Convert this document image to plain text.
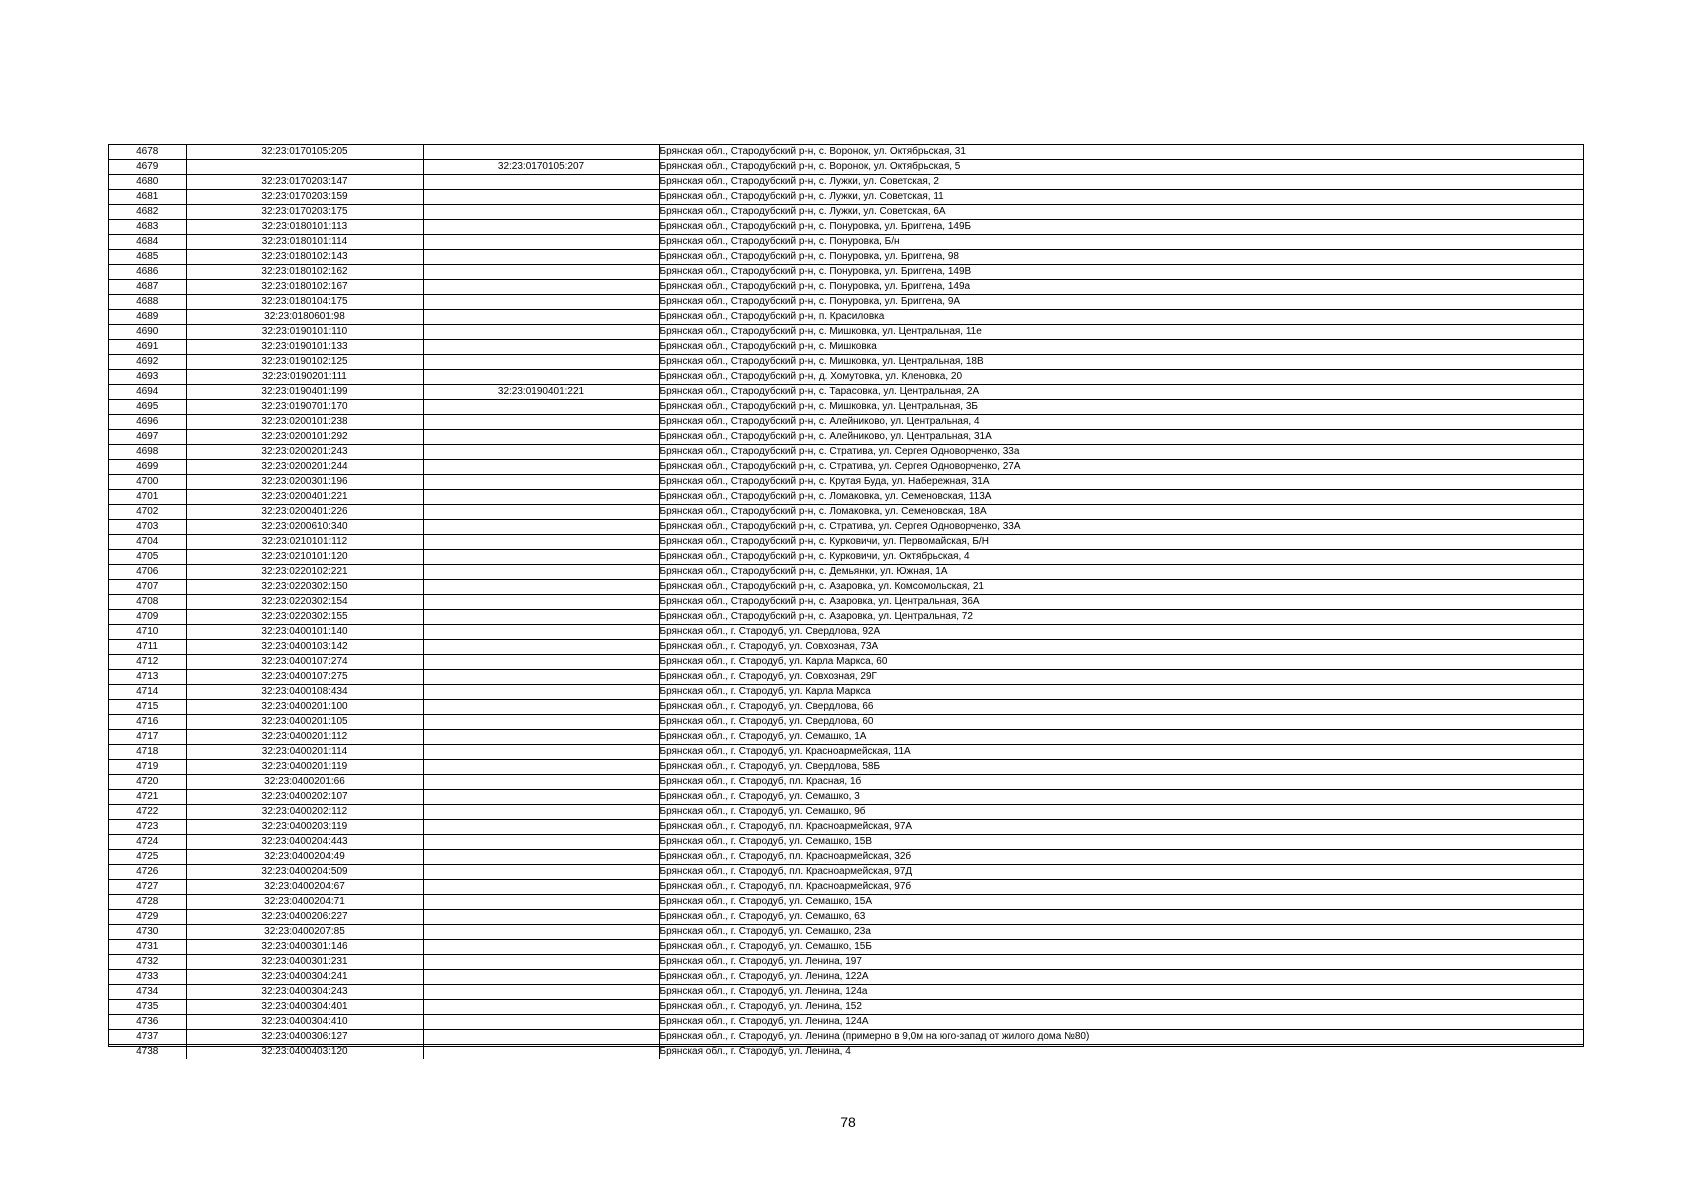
4678	32:23:0170105:205		Брянская обл., Стародубский р-н, с. Воронок, ул. Октябрьская, 31
4679		32:23:0170105:207	Брянская обл., Стародубский р-н, с. Воронок, ул. Октябрьская, 5
4680	32:23:0170203:147		Брянская обл., Стародубский р-н, с. Лужки, ул. Советская, 2
4681	32:23:0170203:159		Брянская обл., Стародубский р-н, с. Лужки, ул. Советская, 11
4682	32:23:0170203:175		Брянская обл., Стародубский р-н, с. Лужки, ул. Советская, 6А
4683	32:23:0180101:113		Брянская обл., Стародубский р-н, с. Понуровка, ул. Бриггена, 149Б
4684	32:23:0180101:114		Брянская обл., Стародубский р-н, с. Понуровка, Б/н
4685	32:23:0180102:143		Брянская обл., Стародубский р-н, с. Понуровка, ул. Бриггена, 98
4686	32:23:0180102:162		Брянская обл., Стародубский р-н, с. Понуровка, ул. Бриггена, 149В
4687	32:23:0180102:167		Брянская обл., Стародубский р-н, с. Понуровка, ул. Бриггена, 149а
4688	32:23:0180104:175		Брянская обл., Стародубский р-н, с. Понуровка, ул. Бриггена, 9А
4689	32:23:0180601:98		Брянская обл., Стародубский р-н, п. Красиловка
4690	32:23:0190101:110		Брянская обл., Стародубский р-н, с. Мишковка, ул. Центральная, 11е
4691	32:23:0190101:133		Брянская обл., Стародубский р-н, с. Мишковка
4692	32:23:0190102:125		Брянская обл., Стародубский р-н, с. Мишковка, ул. Центральная, 18В
4693	32:23:0190201:111		Брянская обл., Стародубский р-н, д. Хомутовка, ул. Кленовка, 20
4694	32:23:0190401:199	32:23:0190401:221	Брянская обл., Стародубский р-н, с. Тарасовка, ул. Центральная, 2А
4695	32:23:0190701:170		Брянская обл., Стародубский р-н, с. Мишковка, ул. Центральная, 3Б
4696	32:23:0200101:238		Брянская обл., Стародубский р-н, с. Алейниково, ул. Центральная, 4
4697	32:23:0200101:292		Брянская обл., Стародубский р-н, с. Алейниково, ул. Центральная, 31А
4698	32:23:0200201:243		Брянская обл., Стародубский р-н, с. Стратива, ул. Сергея Одноворченко, 33а
4699	32:23:0200201:244		Брянская обл., Стародубский р-н, с. Стратива, ул. Сергея Одноворченко, 27А
4700	32:23:0200301:196		Брянская обл., Стародубский р-н, с. Крутая Буда, ул. Набережная, 31А
4701	32:23:0200401:221		Брянская обл., Стародубский р-н, с. Ломаковка, ул. Семеновская, 113А
4702	32:23:0200401:226		Брянская обл., Стародубский р-н, с. Ломаковка, ул. Семеновская, 18А
4703	32:23:0200610:340		Брянская обл., Стародубский р-н, с. Стратива, ул. Сергея Одноворченко, 33А
4704	32:23:0210101:112		Брянская обл., Стародубский р-н, с. Курковичи, ул. Первомайская, Б/Н
4705	32:23:0210101:120		Брянская обл., Стародубский р-н, с. Курковичи, ул. Октябрьская, 4
4706	32:23:0220102:221		Брянская обл., Стародубский р-н, с. Демьянки, ул. Южная, 1А
4707	32:23:0220302:150		Брянская обл., Стародубский р-н, с. Азаровка, ул. Комсомольская, 21
4708	32:23:0220302:154		Брянская обл., Стародубский р-н, с. Азаровка, ул. Центральная, 36А
4709	32:23:0220302:155		Брянская обл., Стародубский р-н, с. Азаровка, ул. Центральная, 72
4710	32:23:0400101:140		Брянская обл., г. Стародуб, ул. Свердлова, 92А
4711	32:23:0400103:142		Брянская обл., г. Стародуб, ул. Совхозная, 73А
4712	32:23:0400107:274		Брянская обл., г. Стародуб, ул. Карла Маркса, 60
4713	32:23:0400107:275		Брянская обл., г. Стародуб, ул. Совхозная, 29Г
4714	32:23:0400108:434		Брянская обл., г. Стародуб, ул. Карла Маркса
4715	32:23:0400201:100		Брянская обл., г. Стародуб, ул. Свердлова, 66
4716	32:23:0400201:105		Брянская обл., г. Стародуб, ул. Свердлова, 60
4717	32:23:0400201:112		Брянская обл., г. Стародуб, ул. Семашко, 1А
4718	32:23:0400201:114		Брянская обл., г. Стародуб, ул. Красноармейская, 11А
4719	32:23:0400201:119		Брянская обл., г. Стародуб, ул. Свердлова, 58Б
4720	32:23:0400201:66		Брянская обл., г. Стародуб, пл. Красная, 1б
4721	32:23:0400202:107		Брянская обл., г. Стародуб, ул. Семашко, 3
4722	32:23:0400202:112		Брянская обл., г. Стародуб, ул. Семашко, 9б
4723	32:23:0400203:119		Брянская обл., г. Стародуб, пл. Красноармейская, 97А
4724	32:23:0400204:443		Брянская обл., г. Стародуб, ул. Семашко, 15В
4725	32:23:0400204:49		Брянская обл., г. Стародуб, пл. Красноармейская, 32б
4726	32:23:0400204:509		Брянская обл., г. Стародуб, пл. Красноармейская, 97Д
4727	32:23:0400204:67		Брянская обл., г. Стародуб, пл. Красноармейская, 97б
4728	32:23:0400204:71		Брянская обл., г. Стародуб, ул. Семашко, 15А
4729	32:23:0400206:227		Брянская обл., г. Стародуб, ул. Семашко, 63
4730	32:23:0400207:85		Брянская обл., г. Стародуб, ул. Семашко, 23а
4731	32:23:0400301:146		Брянская обл., г. Стародуб, ул. Семашко, 15Б
4732	32:23:0400301:231		Брянская обл., г. Стародуб, ул. Ленина, 197
4733	32:23:0400304:241		Брянская обл., г. Стародуб, ул. Ленина, 122А
4734	32:23:0400304:243		Брянская обл., г. Стародуб, ул. Ленина, 124а
4735	32:23:0400304:401		Брянская обл., г. Стародуб, ул. Ленина, 152
4736	32:23:0400304:410		Брянская обл., г. Стародуб, ул. Ленина, 124А
4737	32:23:0400306:127		Брянская обл., г. Стародуб, ул. Ленина (примерно в 9,0м на юго-запад от жилого дома №80)
4738	32:23:0400403:120		Брянская обл., г. Стародуб, ул. Ленина, 4
78
